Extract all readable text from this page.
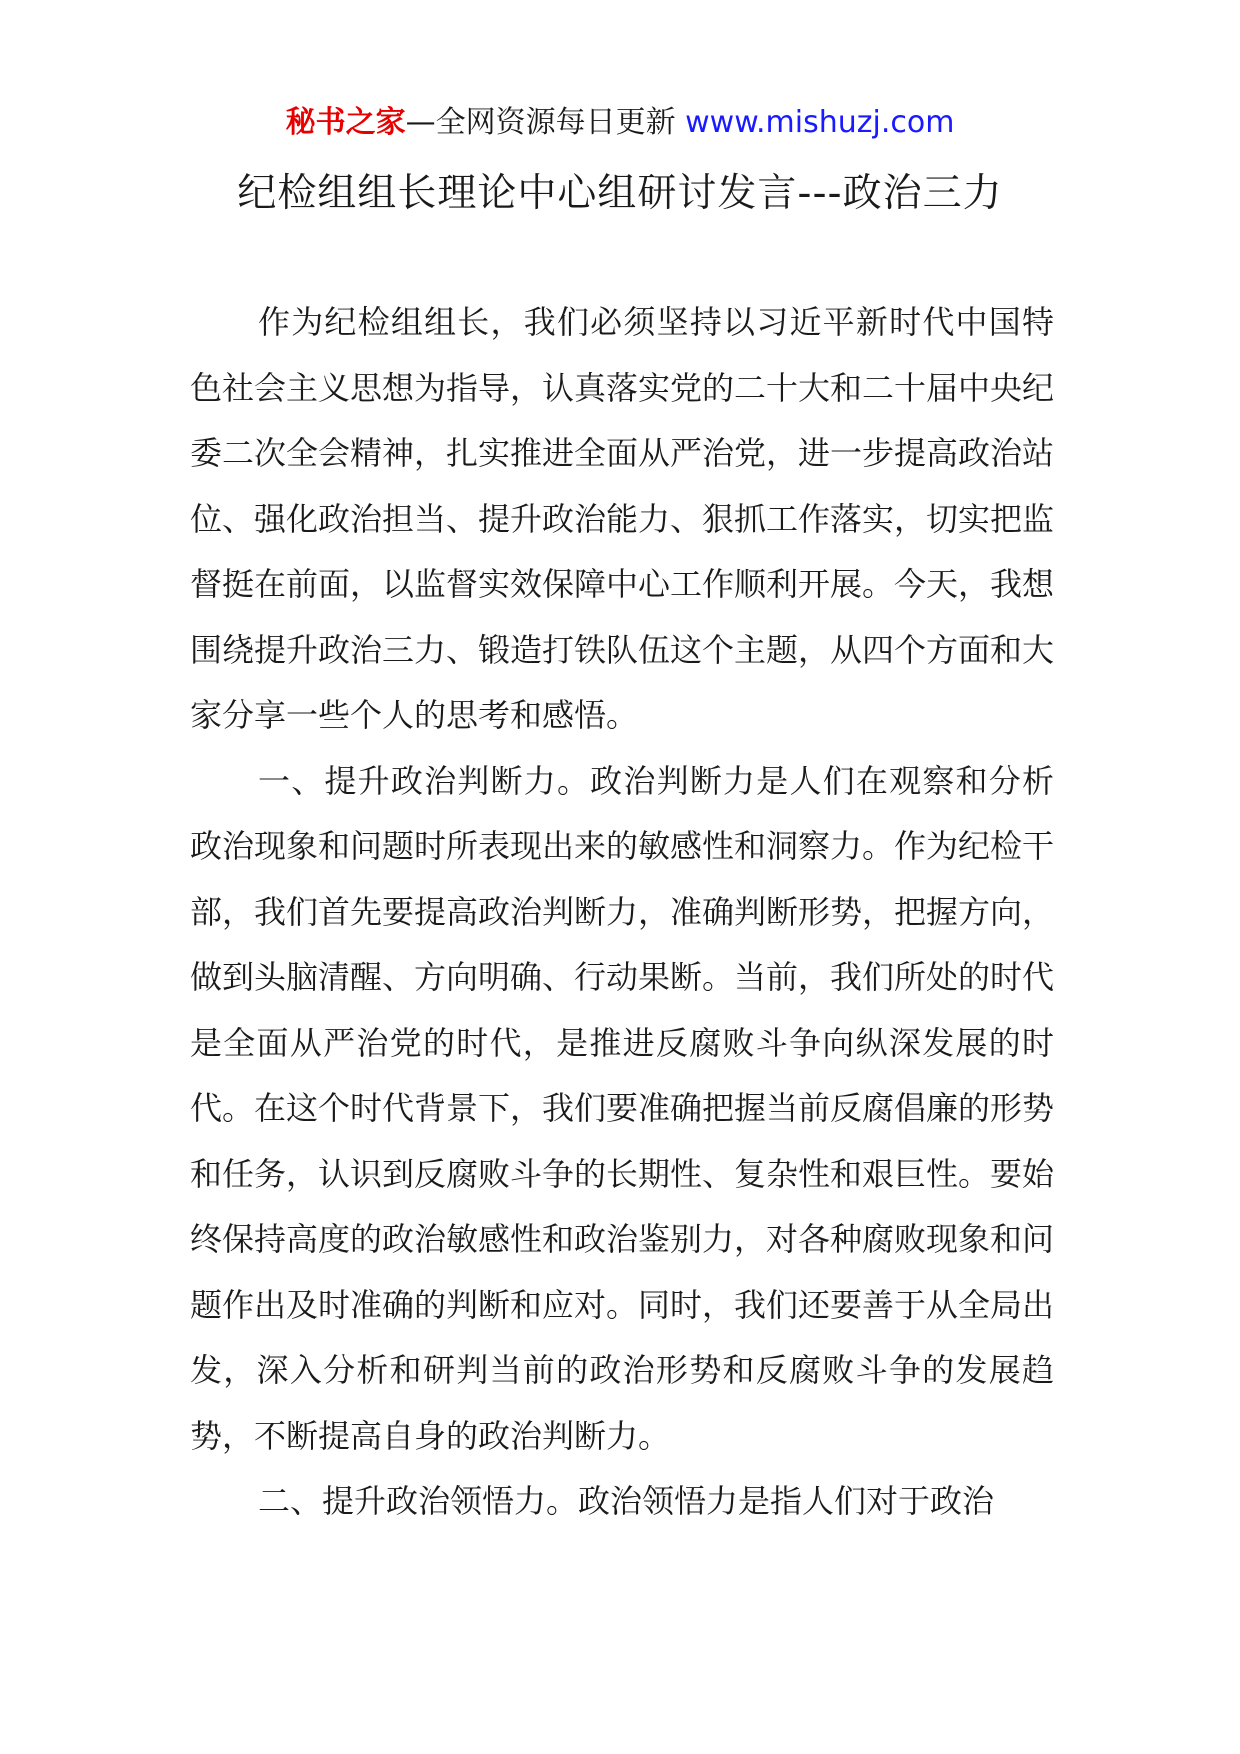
秘书之家—全网资源每日更新 www.mishuzj.com
纪检组组长理论中心组研讨发言---政治三力

作为纪检组组长，我们必须坚持以习近平新时代中国特色社会主义思想为指导，认真落实党的二十大和二十届中央纪委二次全会精神，扎实推进全面从严治党，进一步提高政治站位、强化政治担当、提升政治能力、狠抓工作落实，切实把监督挺在前面，以监督实效保障中心工作顺利开展。今天，我想围绕提升政治三力、锻造打铁队伍这个主题，从四个方面和大家分享一些个人的思考和感悟。

一、提升政治判断力。政治判断力是人们在观察和分析政治现象和问题时所表现出来的敏感性和洞察力。作为纪检干部，我们首先要提高政治判断力，准确判断形势，把握方向，做到头脑清醒、方向明确、行动果断。当前，我们所处的时代是全面从严治党的时代，是推进反腐败斗争向纵深发展的时代。在这个时代背景下，我们要准确把握当前反腐倡廉的形势和任务，认识到反腐败斗争的长期性、复杂性和艰巨性。要始终保持高度的政治敏感性和政治鉴别力，对各种腐败现象和问题作出及时准确的判断和应对。同时，我们还要善于从全局出发，深入分析和研判当前的政治形势和反腐败斗争的发展趋势，不断提高自身的政治判断力。

二、提升政治领悟力。政治领悟力是指人们对于政治
